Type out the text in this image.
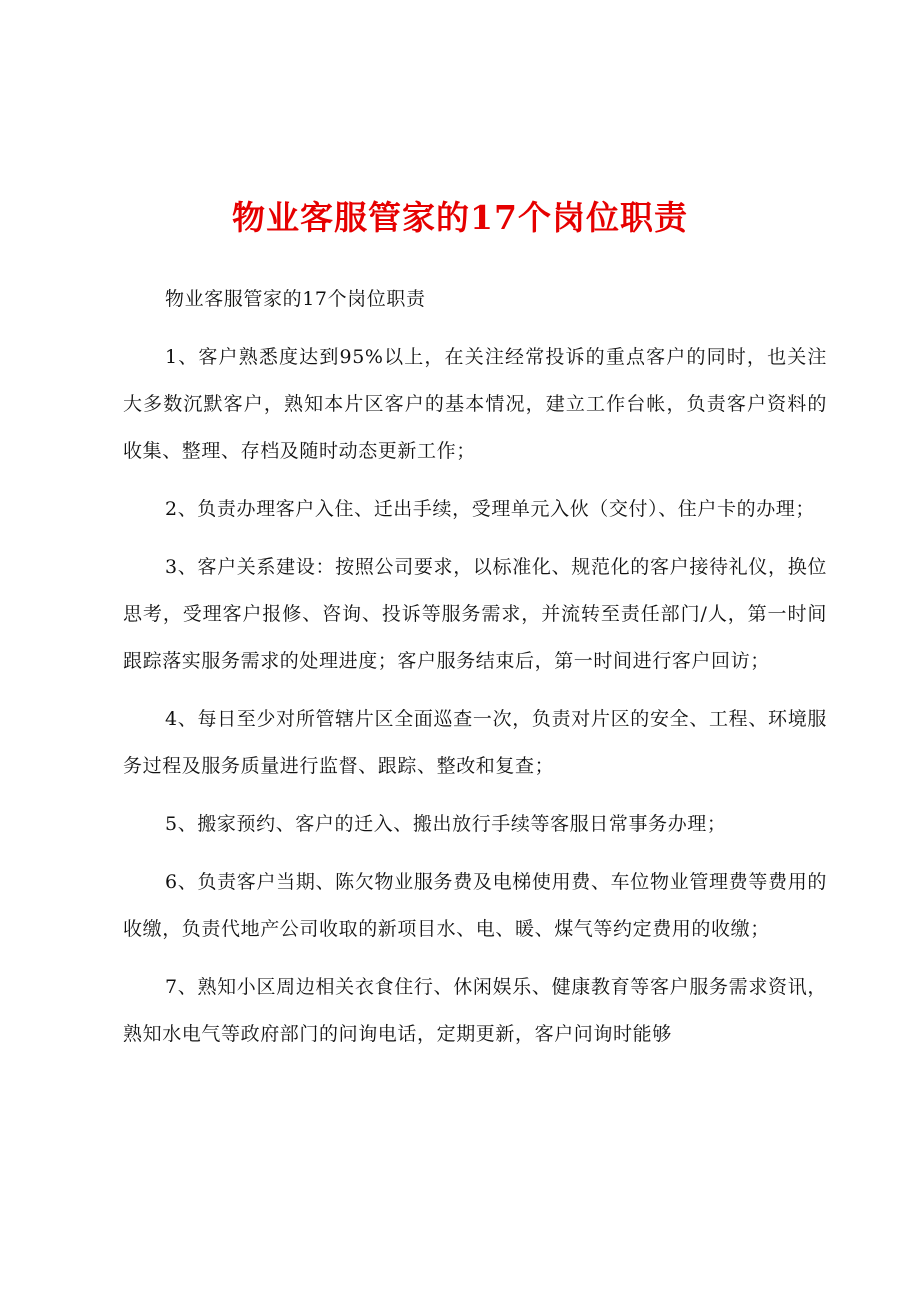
物业客服管家的17个岗位职责

物业客服管家的17个岗位职责

1、客户熟悉度达到95%以上，在关注经常投诉的重点客户的同时，也关注大多数沉默客户，熟知本片区客户的基本情况，建立工作台帐，负责客户资料的收集、整理、存档及随时动态更新工作；

2、负责办理客户入住、迁出手续，受理单元入伙（交付）、住户卡的办理；

3、客户关系建设：按照公司要求，以标准化、规范化的客户接待礼仪，换位思考，受理客户报修、咨询、投诉等服务需求，并流转至责任部门/人，第一时间跟踪落实服务需求的处理进度；客户服务结束后，第一时间进行客户回访；

4、每日至少对所管辖片区全面巡查一次，负责对片区的安全、工程、环境服务过程及服务质量进行监督、跟踪、整改和复查；

5、搬家预约、客户的迁入、搬出放行手续等客服日常事务办理；

6、负责客户当期、陈欠物业服务费及电梯使用费、车位物业管理费等费用的收缴，负责代地产公司收取的新项目水、电、暖、煤气等约定费用的收缴；

7、熟知小区周边相关衣食住行、休闲娱乐、健康教育等客户服务需求资讯，熟知水电气等政府部门的问询电话，定期更新，客户问询时能够
